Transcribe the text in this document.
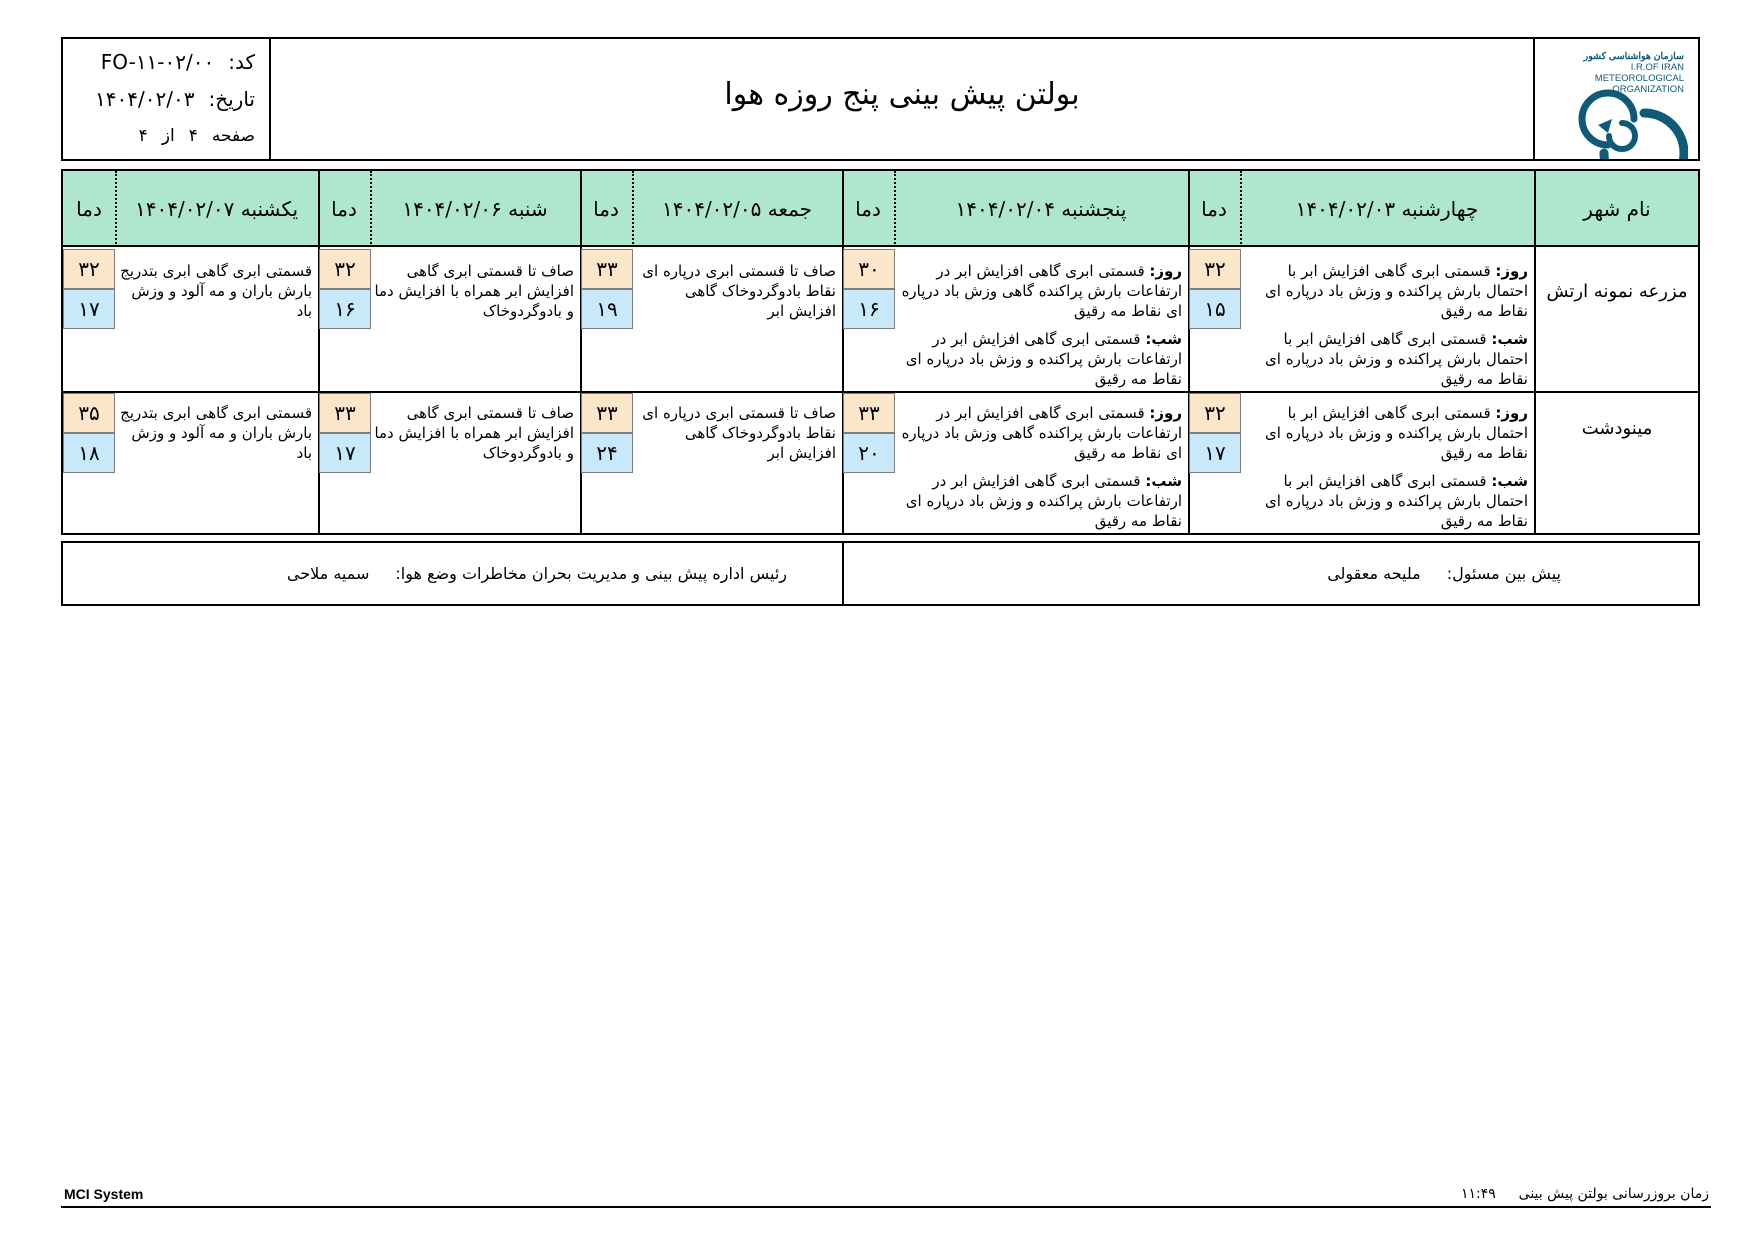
کد:
FO-۱۱-۰۲/۰۰
تاریخ:
۱۴۰۴/۰۲/۰۳
صفحه
۴
از
۴
بولتن پیش بینی پنج روزه هوا
سازمان هواشناسی کشور
I.R.OF IRAN
METEOROLOGICAL
ORGANIZATION
نام شهر
چهارشنبه ۱۴۰۴/۰۲/۰۳
دما
پنجشنبه ۱۴۰۴/۰۲/۰۴
دما
جمعه ۱۴۰۴/۰۲/۰۵
دما
شنبه ۱۴۰۴/۰۲/۰۶
دما
یکشنبه ۱۴۰۴/۰۲/۰۷
دما
مزرعه نمونه ارتش

روز: قسمتی ابری گاهی افزایش ابر با احتمال بارش پراکنده و وزش باد درپاره ای نقاط مه رقیق

شب: قسمتی ابری گاهی افزایش ابر با احتمال بارش پراکنده و وزش باد درپاره ای نقاط مه رقیق

۳۲
۱۵

روز: قسمتی ابری گاهی افزایش ابر در ارتفاعات بارش پراکنده گاهی وزش باد درپاره ای نقاط مه رقیق

شب: قسمتی ابری گاهی افزایش ابر در ارتفاعات بارش پراکنده و وزش باد درپاره ای نقاط مه رقیق

۳۰
۱۶
صاف تا قسمتی ابری درپاره ای نقاط بادوگردوخاک گاهی افزایش ابر
۳۳
۱۹
صاف تا قسمتی ابری گاهی افزایش ابر همراه با افزایش دما و بادوگردوخاک
۳۲
۱۶
قسمتی ابری گاهی ابری بتدریج بارش باران و مه آلود و وزش باد
۳۲
۱۷
مینودشت

روز: قسمتی ابری گاهی افزایش ابر با احتمال بارش پراکنده و وزش باد درپاره ای نقاط مه رقیق

شب: قسمتی ابری گاهی افزایش ابر با احتمال بارش پراکنده و وزش باد درپاره ای نقاط مه رقیق

۳۲
۱۷

روز: قسمتی ابری گاهی افزایش ابر در ارتفاعات بارش پراکنده گاهی وزش باد درپاره ای نقاط مه رقیق

شب: قسمتی ابری گاهی افزایش ابر در ارتفاعات بارش پراکنده و وزش باد درپاره ای نقاط مه رقیق

۳۳
۲۰
صاف تا قسمتی ابری درپاره ای نقاط بادوگردوخاک گاهی افزایش ابر
۳۳
۲۴
صاف تا قسمتی ابری گاهی افزایش ابر همراه با افزایش دما و بادوگردوخاک
۳۳
۱۷
قسمتی ابری گاهی ابری بتدریج بارش باران و مه آلود و وزش باد
۳۵
۱۸
پیش بین مسئول:
ملیحه معقولی
رئیس اداره پیش بینی و مدیریت بحران مخاطرات وضع هوا:
سمیه ملاحی
MCI System	زمان بروزرسانی بولتن پیش بینی  ۱۱:۴۹
